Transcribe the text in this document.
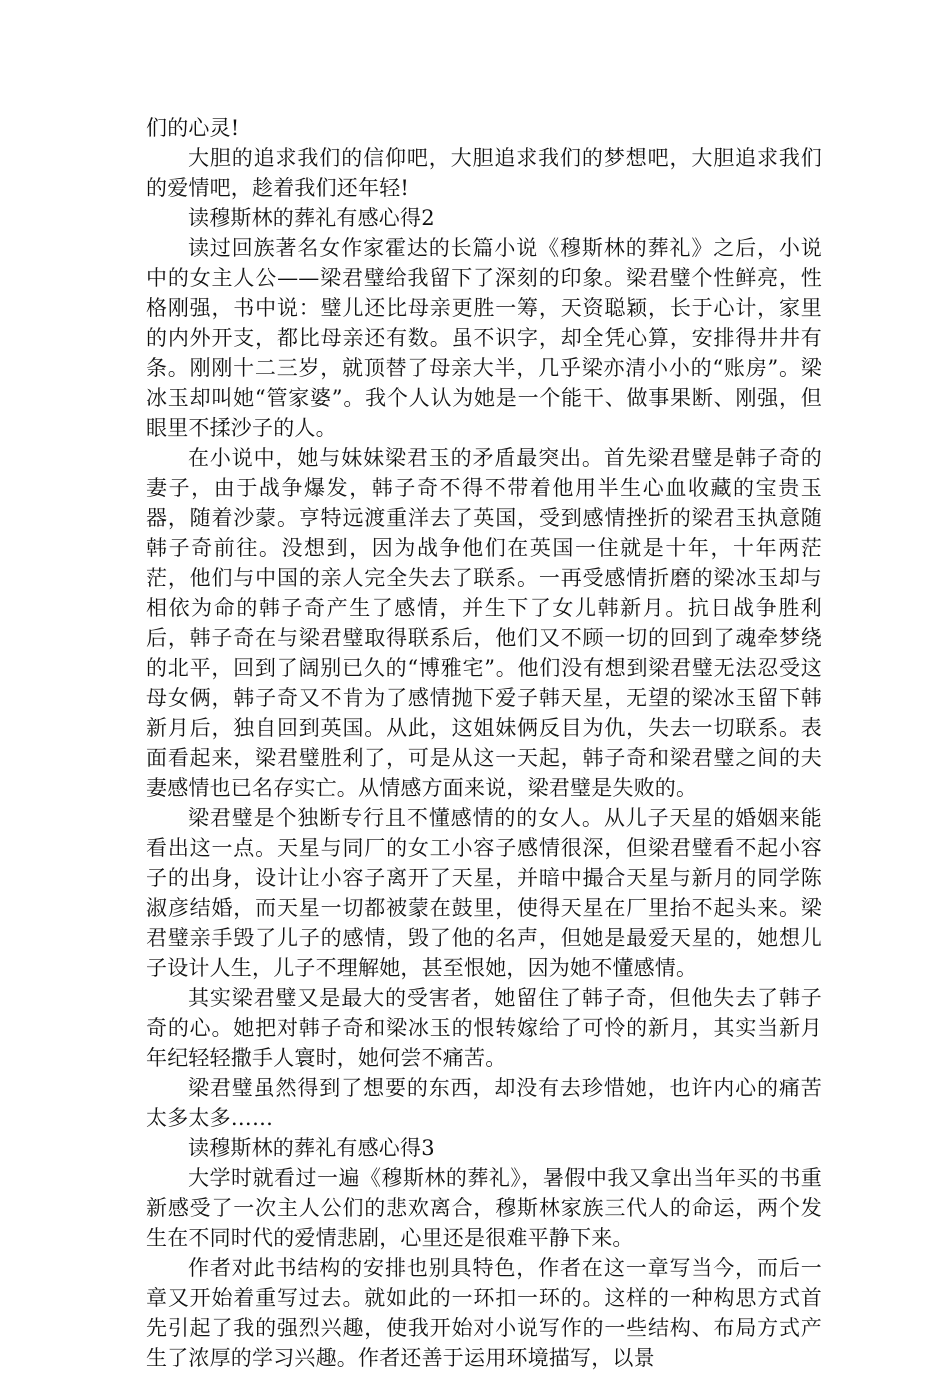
们的心灵!

大胆的追求我们的信仰吧，大胆追求我们的梦想吧，大胆追求我们的爱情吧，趁着我们还年轻!

读穆斯林的葬礼有感心得2

读过回族著名女作家霍达的长篇小说《穆斯林的葬礼》之后，小说中的女主人公——梁君璧给我留下了深刻的印象。梁君璧个性鲜亮，性格刚强，书中说：璧儿还比母亲更胜一筹，天资聪颖，长于心计，家里的内外开支，都比母亲还有数。虽不识字，却全凭心算，安排得井井有条。刚刚十二三岁，就顶替了母亲大半，几乎梁亦清小小的“账房”。梁冰玉却叫她“管家婆”。我个人认为她是一个能干、做事果断、刚强，但眼里不揉沙子的人。

在小说中，她与妹妹梁君玉的矛盾最突出。首先梁君璧是韩子奇的妻子，由于战争爆发，韩子奇不得不带着他用半生心血收藏的宝贵玉器，随着沙蒙。亨特远渡重洋去了英国，受到感情挫折的梁君玉执意随韩子奇前往。没想到，因为战争他们在英国一住就是十年，十年两茫茫，他们与中国的亲人完全失去了联系。一再受感情折磨的梁冰玉却与相依为命的韩子奇产生了感情，并生下了女儿韩新月。抗日战争胜利后，韩子奇在与梁君璧取得联系后，他们又不顾一切的回到了魂牵梦绕的北平，回到了阔别已久的“博雅宅”。他们没有想到梁君璧无法忍受这母女俩，韩子奇又不肯为了感情抛下爱子韩天星，无望的梁冰玉留下韩新月后，独自回到英国。从此，这姐妹俩反目为仇，失去一切联系。表面看起来，梁君璧胜利了，可是从这一天起，韩子奇和梁君璧之间的夫妻感情也已名存实亡。从情感方面来说，梁君璧是失败的。

梁君璧是个独断专行且不懂感情的的女人。从儿子天星的婚姻来能看出这一点。天星与同厂的女工小容子感情很深，但梁君璧看不起小容子的出身，设计让小容子离开了天星，并暗中撮合天星与新月的同学陈淑彦结婚，而天星一切都被蒙在鼓里，使得天星在厂里抬不起头来。梁君璧亲手毁了儿子的感情，毁了他的名声，但她是最爱天星的，她想儿子设计人生，儿子不理解她，甚至恨她，因为她不懂感情。

其实梁君璧又是最大的受害者，她留住了韩子奇，但他失去了韩子奇的心。她把对韩子奇和梁冰玉的恨转嫁给了可怜的新月，其实当新月年纪轻轻撒手人寰时，她何尝不痛苦。

梁君璧虽然得到了想要的东西，却没有去珍惜她，也许内心的痛苦太多太多……

读穆斯林的葬礼有感心得3

大学时就看过一遍《穆斯林的葬礼》，暑假中我又拿出当年买的书重新感受了一次主人公们的悲欢离合，穆斯林家族三代人的命运，两个发生在不同时代的爱情悲剧，心里还是很难平静下来。

作者对此书结构的安排也别具特色，作者在这一章写当今，而后一章又开始着重写过去。就如此的一环扣一环的。这样的一种构思方式首先引起了我的强烈兴趣，使我开始对小说写作的一些结构、布局方式产生了浓厚的学习兴趣。作者还善于运用环境描写，以景
